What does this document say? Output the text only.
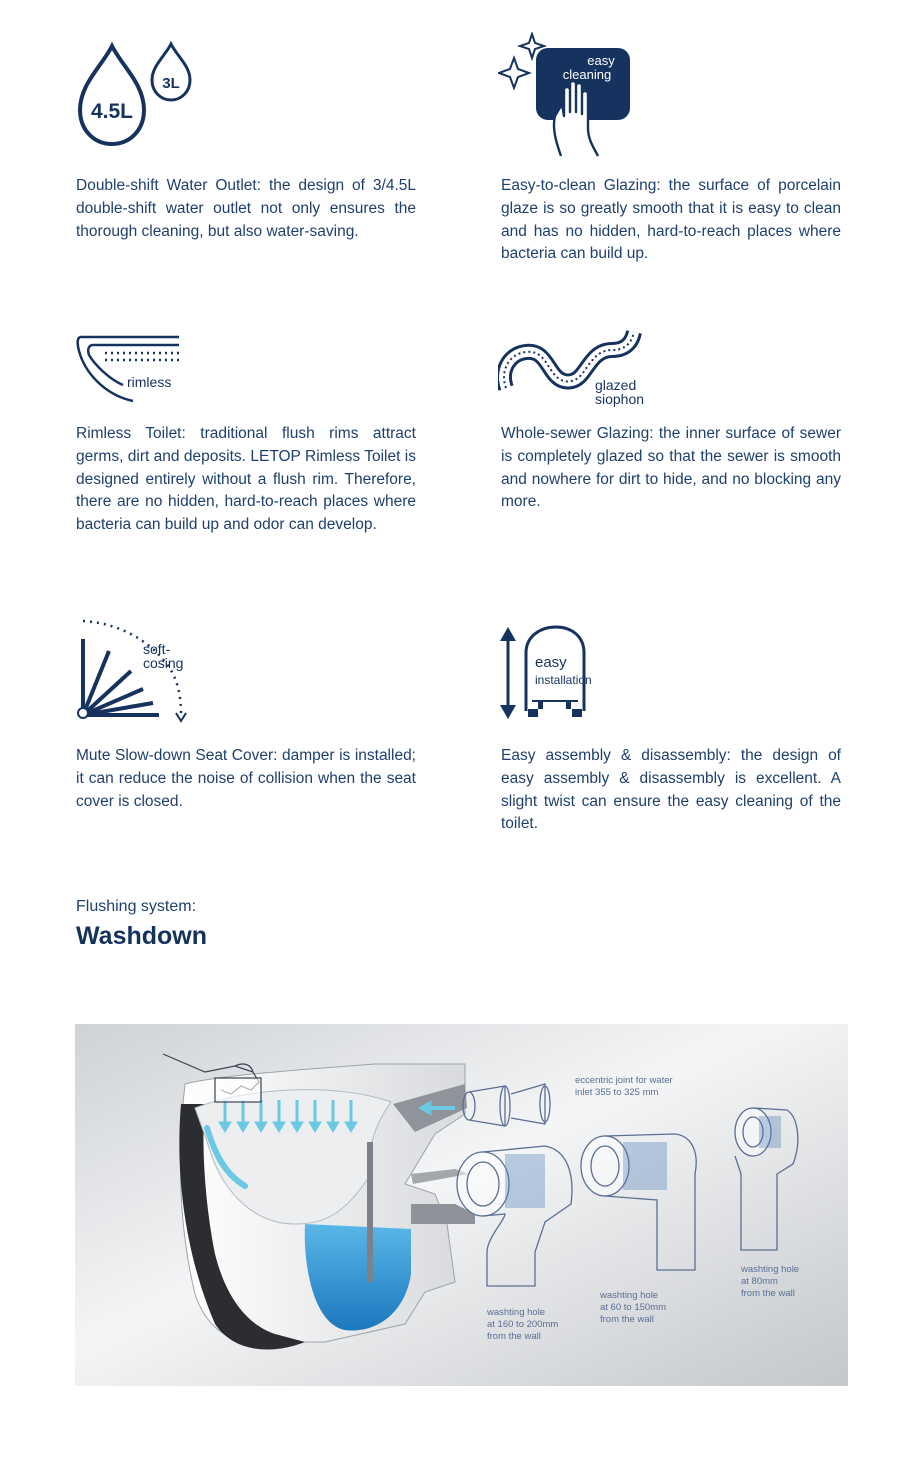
4.5L
3L

Double-shift Water Outlet: the design of 3/4.5L double-shift water outlet not only ensures the thorough cleaning, but also water-saving.

easy
cleaning

Easy-to-clean Glazing: the surface of porcelain glaze is so greatly smooth that it is easy to clean and has no hidden, hard-to-reach places where bacteria can build up.

rimless

Rimless Toilet: traditional flush rims attract germs, dirt and deposits. LETOP Rimless Toilet is designed entirely without a flush rim. Therefore, there are no hidden, hard-to-reach places where bacteria can build up and odor can develop.

glazed
siophon

Whole-sewer Glazing: the inner surface of sewer is completely glazed so that the sewer is smooth and nowhere for dirt to hide, and no blocking any more.

soft-
cosing

Mute Slow-down Seat Cover: damper is installed; it can reduce the noise of collision when the seat cover is closed.

easy
installation

Easy assembly & disassembly: the design of easy assembly & disassembly is excellent. A slight twist can ensure the easy cleaning of the toilet.

Flushing system:
Washdown
eccentric joint for water
inlet 355 to 325 mm
washting hole
at 160 to 200mm
from the wall
washting hole
at 60 to 150mm
from the wall
washting hole
at 80mm
from the wall
